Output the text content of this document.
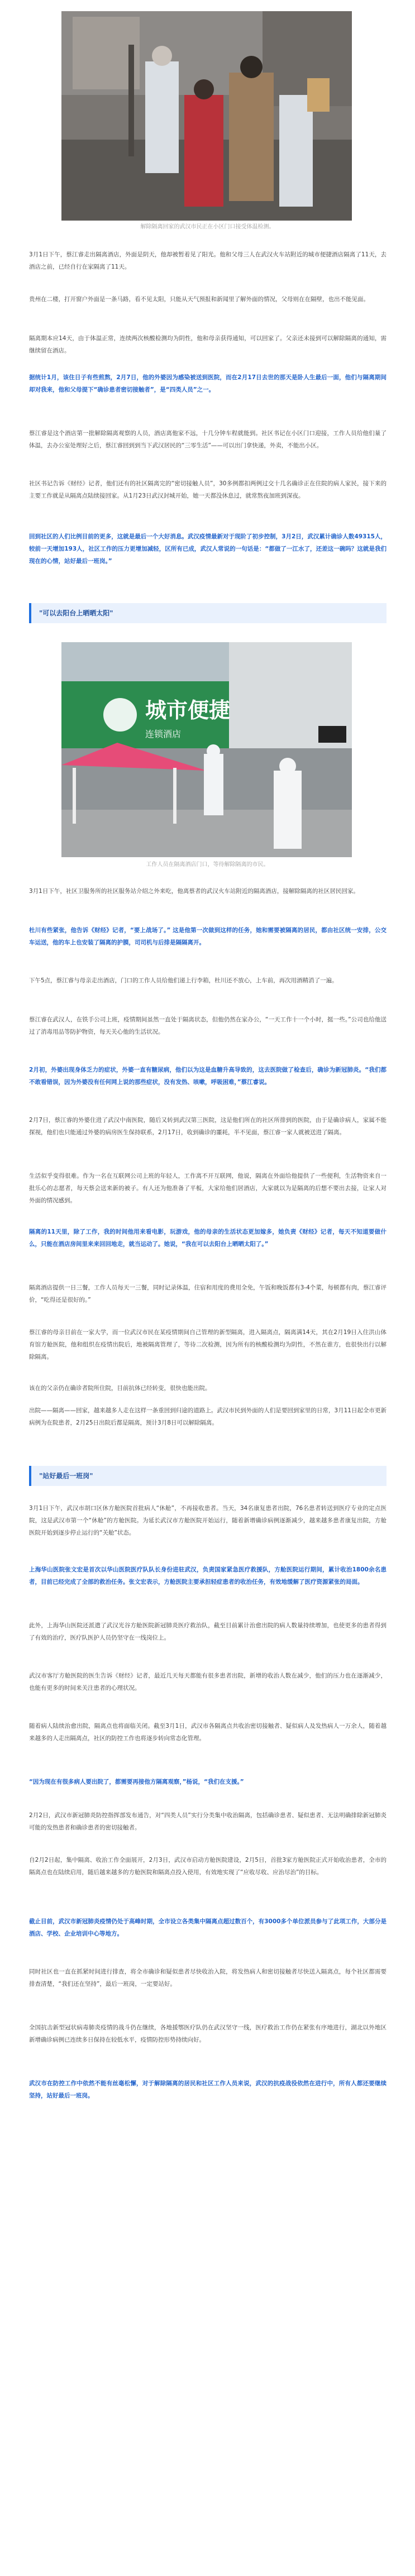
解除隔离回家的武汉市民正在小区门口接受体温检测。
3月1日下午，蔡江睿走出隔离酒店，外面是阴天，他却被暂着见了阳光。他和父母三人在武汉火车站附近的城市便捷酒店隔离了11天，去酒店之前，已经自行在家隔离了11天。
贵州在二楼，打开窗户外面是一条马路，看不见太阳，只能从天气预报和新闻里了解外面的情况，父母则在在隔壁，也出不能见面。
隔离期本应14天，由于体温正常，连续两次核酸检测均为阴性，他和母亲获得通知，可以回家了。父亲还未接到可以解除隔离的通知，需继续留在酒店。
据统计1月，该住日子有些煎熬，2月7日，他的外婆因为感染被送到医院，而在2月17日去世的那天是卧人生最后一面，他们与隔离期间却对我来，他和父母提下“确诊患者密切接触者”，是“四类人员”之一。
蔡江睿是这个酒店第一批解除隔离观察的人员，酒店离他家不远，十几分钟车程就能到。社区书记在小区门口迎接，工作人员给他们量了体温，去办公室处理好之后，蔡江睿回到到当下武汉居民的“三零生活”——可以出门拿快递，外卖，不能出小区。
社区书记告诉《财经》记者，他们还有的社区隔离完的“密切接触人员”，30多例都扣两例过交十几名确诊正在住院的病人家民，接下来的主要工作就是从隔离点陆续接回家。从1月23日武汉封城开始，她一天都没休息过，就常熬夜加班到深夜。
回到社区的人们比例目前的更多，这就是最后一个大好消息。武汉疫情最新对于现阶了初步控制，3月2日，武汉累计确诊人数49315人，较前一天增加193人，社区工作的压力更增加减轻，区所有已成，武汉人常说的一句话是：“都做了一江水了，还差这一碗吗？这就是我们现在的心情，站好最后一班岗。”
"可以去阳台上晒晒太阳"
城市便捷
连锁酒店
工作人员在隔离酒店门口，等待解除隔离的市民。
3月1日下午，社区卫服务所的社区服务站介绍之外来吃，他离蔡者的武汉火车站附近的隔离酒店，接解除隔离的社区居民回家。
杜川有些紧张，他告诉《财经》记者，“要上战场了。” 这是他第一次做到这样的任务，她和需要被隔离的居民，都由社区统一安排，公交车运送，他的车上也安装了隔离的护膜，司司机与后排是隔隔离开。
下午5点，蔡江睿与母亲走出酒店，门口的工作人员给他们递上行李箱，杜川还不放心，上车前，再次用酒精消了一遍。
蔡江睿在武汉人，在铁手公司上班，疫情期间虽然一直处于隔离状态，但他仍然在家办公，“一天工作十一个小时，挺一些。”公司也给他送过了消毒用品等防护物资，每天关心他的生活状况。
2月初，外婆出现身体乏力的症状，外婆一直有糖尿病，他们以为这是血糖升高导致的，这去医院做了检查后，确诊为新冠肺炎。“我们都不敢看错误，因为外婆没有任何网上说的那些症状，没有发热、咳嗽，呼吸困难，”蔡江睿说。
2月7日，蔡江睿的外婆住进了武汉中南医院，随后又转到武汉第三医院，这是他们所在的社区所排到的医院，由于是确诊病人，家属不能探视，他们也只能通过外婆的病房医生保持联系，2月17日，收到确诊的噩耗，半不见面，蔡江睿一家人就被送进了隔离。
生活似乎变得很难。作为一名在互联网公司上班的年轻人，工作离不开互联网，他说，隔离在外面给他提供了一些便利，生活物资来自一批乐心的志愿者，每天蔡会送来新的被子。有人还为他准备了平板，大家给他们居酒店，大家就以为是隔离的后想不要出去接，让家人对外面的情况感到。
隔离的11天里，除了工作，我的时间他用来看电影，玩游戏，他的母亲的生活状态更加嫁多，她负责《财经》记者，每天不知道要做什么，只能在酒店房间里来来回回地走，就当运动了。她说，“我在可以去阳台上晒晒太阳了。”
隔离酒店提供一日三餐，工作人员每天一三餐，同时记录体温，住宿和用度的费用全免，午饭和晚饭都有3-4个菜，每顿都有肉，蔡江睿评价，“吃得还是很好的。”
蔡江睿的母亲目前在一家大学，而一位武汉市民在某疫情期间自己管理的新型隔离，进入隔离点，隔离满14天，其在2月19日入住洪山体育馆方舱医院，他和组织在疫情出院后，地被隔离管理了，等待二次检测，因为所有的核酸检测均为阴性，不然在谁方，也很快出行以解除隔离。
该在的父亲仍在确诊者院所住院，目前抗体已经转变，很快也能出院。
出院——隔离——回家，越来越多人走在这样一条重回到归途的道路上。武汉市民到外面的人们是要回到家里的日常，3月11日起全市更新病例为在院患者，2月25日出院后都是隔离，预计3月8日可以解除隔离。
"站好最后一班岗"
3月1日下午，武汉市胡口区休方舱医院首批病人“休舱”，不再接收患者。当天，34名康复患者出院，76名患者转送到医疗专业的定点医院，这是武汉市第一个“休舱”的方舱医院。为延长武汉市方舱医院开始运行，随着新增确诊病例逐渐减少，越来越多患者康复出院，方舱医院开始到逐步停止运行的“关舱”状态。
上海华山医院张文宏是首次以华山医院医疗队队长身份进驻武汉，负责国家紧急医疗救援队，方舱医院运行期间，累计收治1800余名患者，目前已经完成了全部的救治任务。张文宏表示，方舱医院主要承担轻症患者的收治任务，有效地缓解了医疗资源紧张的局面。
此外，上海华山医院还派遣了武汉光谷方舱医院新冠肺炎医疗救治队，截至目前累计治愈出院的病人数量持续增加，也使更多的患者得到了有效的治疗，医疗队医护人员仍坚守在一线岗位上。
武汉市客厅方舱医院的医生告诉《财经》记者，最近几天每天都能有很多患者出院，新增的收治人数在减少，他们的压力也在逐渐减少，也能有更多的时间来关注患者的心理状况。
随着病人陆续治愈出院，隔离点也将面临关闭。截至3月1日，武汉市各隔离点共收治密切接触者、疑似病人及发热病人一万余人，随着越来越多的人走出隔离点，社区的防控工作也将逐步转向常态化管理。
“因为现在有很多病人要出院了，都需要再接他方隔离观察，”杨说，“我们在支援。”
2月2日，武汉市新冠肺炎防控指挥部发布通告，对“四类人员”实行分类集中收治隔离，包括确诊患者、疑似患者、无法明确排除新冠肺炎可能的发热患者和确诊患者的密切接触者。
自2月2日起，集中隔离、收治工作全面展开，2月3日，武汉市启动方舱医院建设，2月5日，首批3家方舱医院正式开始收治患者，全市的隔离点也在陆续启用，随后越来越多的方舱医院和隔离点投入使用，有效地实现了“应收尽收、应治尽治”的目标。
截止目前，武汉市新冠肺炎疫情仍处于高峰时期，全市设立各类集中隔离点超过数百个，有3000多个单位派员参与了此项工作，大部分是酒店、学校、企业培训中心等地方。
同时社区也一直在抓紧时间进行排查，将全市确诊和疑似患者尽快收治入院，将发热病人和密切接触者尽快送入隔离点，每个社区都需要排查清楚，“我们还在坚持”，最后一班岗，一定要站好。
全国抗击新型冠状病毒肺炎疫情的战斗仍在继续，各地援鄂医疗队仍在武汉坚守一线，医疗救治工作仍在紧张有序地进行，湖北以外地区新增确诊病例已连续多日保持在较低水平，疫情防控形势持续向好。
武汉市在防控工作中依然不能有丝毫松懈，对于解除隔离的居民和社区工作人员来说，武汉的抗疫战役依然在进行中，所有人都还要继续坚持，站好最后一班岗。
